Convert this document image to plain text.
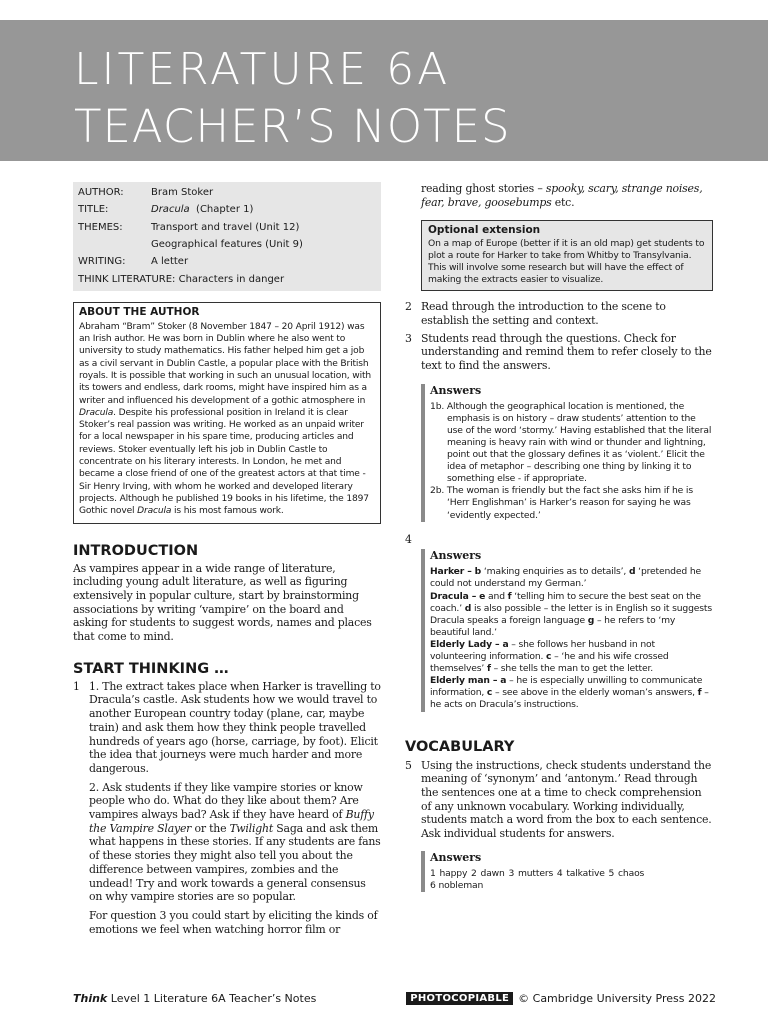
LITERATURE 6A
TEACHER’S NOTES
AUTHOR:	Bram Stoker
TITLE:	Dracula (Chapter 1)
THEMES:	Transport and travel (Unit 12)
Geographical features (Unit 9)
WRITING:	A letter
THINK LITERATURE: Characters in danger
ABOUT THE AUTHOR

Abraham “Bram” Stoker (8 November 1847 – 20 April 1912) was an Irish author. He was born in Dublin where he also went to university to study mathematics. His father helped him get a job as a civil servant in Dublin Castle, a popular place with the British royals. It is possible that working in such an unusual location, with its towers and endless, dark rooms, might have inspired him as a writer and influenced his development of a gothic atmosphere in Dracula. Despite his professional position in Ireland it is clear Stoker’s real passion was writing. He worked as an unpaid writer for a local newspaper in his spare time, producing articles and reviews. Stoker eventually left his job in Dublin Castle to concentrate on his literary interests. In London, he met and became a close friend of one of the greatest actors at that time - Sir Henry Irving, with whom he worked and developed literary projects. Although he published 19 books in his lifetime, the 1897 Gothic novel Dracula is his most famous work.

INTRODUCTION

As vampires appear in a wide range of literature, including young adult literature, as well as figuring extensively in popular culture, start by brainstorming associations by writing ‘vampire’ on the board and asking for students to suggest words, names and places that come to mind.

START THINKING …
1 1. The extract takes place when Harker is travelling to Dracula’s castle. Ask students how we would travel to another European country today (plane, car, maybe train) and ask them how they think people travelled hundreds of years ago (horse, carriage, by foot). Elicit the idea that journeys were much harder and more dangerous.

2. Ask students if they like vampire stories or know people who do. What do they like about them? Are vampires always bad? Ask if they have heard of Buffy the Vampire Slayer or the Twilight Saga and ask them what happens in these stories. If any students are fans of these stories they might also tell you about the difference between vampires, zombies and the undead! Try and work towards a general consensus on why vampire stories are so popular.

For question 3 you could start by eliciting the kinds of emotions we feel when watching horror film or

reading ghost stories – spooky, scary, strange noises, fear, brave, goosebumps etc.

Optional extension

On a map of Europe (better if it is an old map) get students to plot a route for Harker to take from Whitby to Transylvania. This will involve some research but will have the effect of making the extracts easier to visualize.

2 Read through the introduction to the scene to establish the setting and context.

3 Students read through the questions. Check for understanding and remind them to refer closely to the text to find the answers.

Answers

1b. Although the geographical location is mentioned, the emphasis is on history – draw students’ attention to the use of the word ‘stormy.’ Having established that the literal meaning is heavy rain with wind or thunder and lightning, point out that the glossary defines it as ‘violent.’ Elicit the idea of metaphor – describing one thing by linking it to something else - if appropriate.

2b. The woman is friendly but the fact she asks him if he is ‘Herr Englishman’ is Harker’s reason for saying he was ‘evidently expected.’

4
Answers

Harker – b ‘making enquiries as to details’, d ‘pretended he could not understand my German.’

Dracula – e and f ‘telling him to secure the best seat on the coach.’ d is also possible – the letter is in English so it suggests Dracula speaks a foreign language g – he refers to ‘my beautiful land.’

Elderly Lady – a – she follows her husband in not volunteering information. c – ‘he and his wife crossed themselves’ f – she tells the man to get the letter.

Elderly man – a – he is especially unwilling to communicate information, c – see above in the elderly woman’s answers, f – he acts on Dracula’s instructions.

VOCABULARY
5 Using the instructions, check students understand the meaning of ‘synonym’ and ‘antonym.’ Read through the sentences one at a time to check comprehension of any unknown vocabulary. Working individually, students match a word from the box to each sentence. Ask individual students for answers.

Answers

1 happy 2 dawn 3 mutters 4 talkative 5 chaos

6 nobleman

Think Level 1 Literature 6A Teacher’s Notes	PHOTOCOPIABLE © Cambridge University Press 2022
